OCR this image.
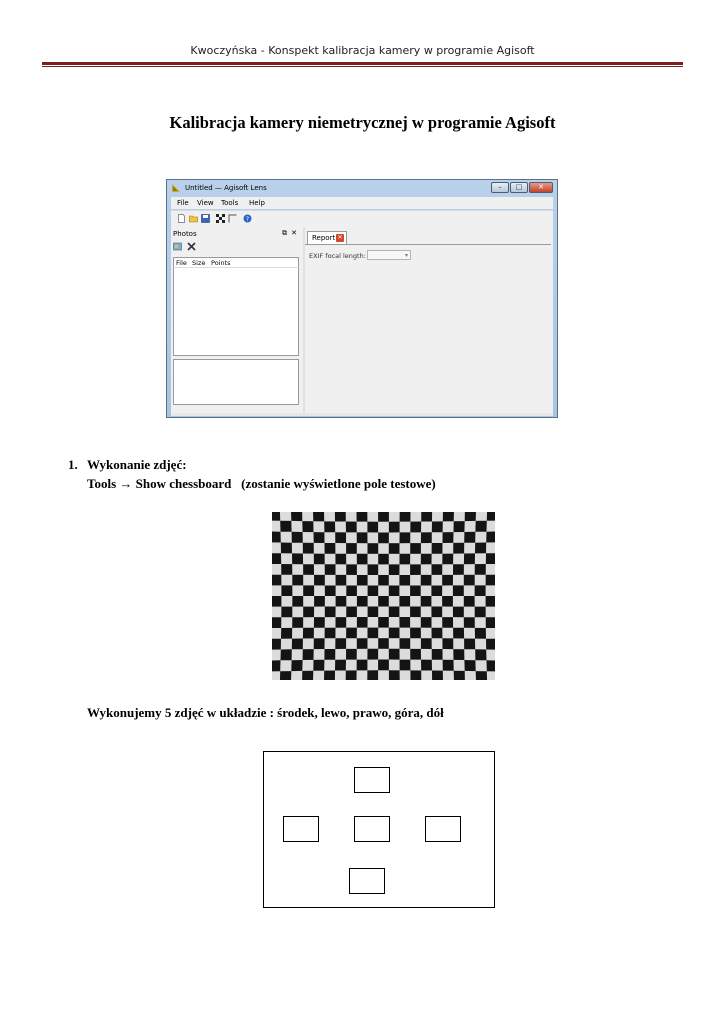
Kwoczyńska - Konspekt kalibracja kamery w programie Agisoft
Kalibracja kamery niemetrycznej w programie Agisoft
Untitled — Agisoft Lens	–	□	✕
File View Tools Help
?
Photos	⧉ ✕
File Size Points
Report ✕
EXIF focal length:	▾
1. Wykonanie zdjęć:
Tools → Show chessboard   (zostanie wyświetlone pole testowe)
Wykonujemy 5 zdjęć w układzie : środek, lewo, prawo, góra, dół
